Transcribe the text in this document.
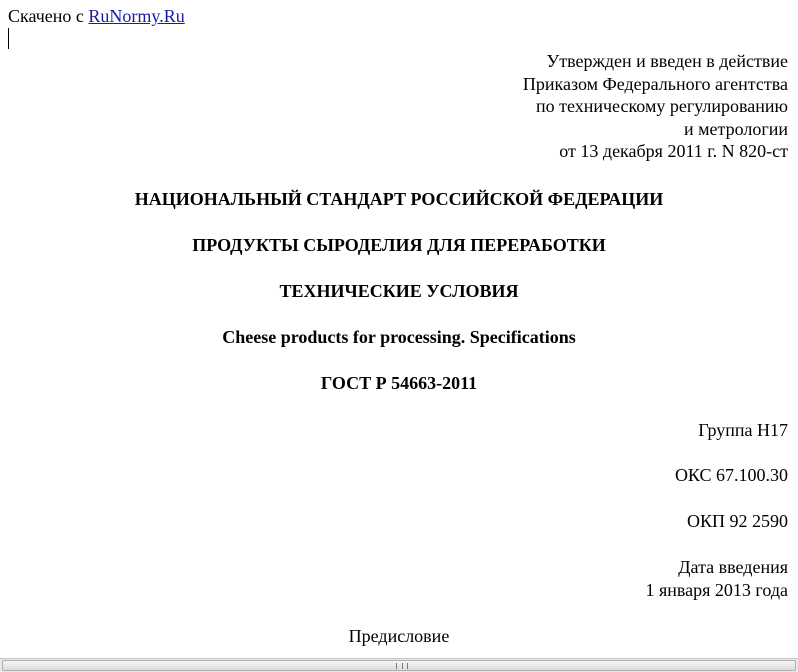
Скачено с RuNormy.Ru
Утвержден и введен в действие
Приказом Федерального агентства
по техническому регулированию
и метрологии
от 13 декабря 2011 г. N 820-ст
НАЦИОНАЛЬНЫЙ СТАНДАРТ РОССИЙСКОЙ ФЕДЕРАЦИИ
ПРОДУКТЫ СЫРОДЕЛИЯ ДЛЯ ПЕРЕРАБОТКИ
ТЕХНИЧЕСКИЕ УСЛОВИЯ
Cheese products for processing. Specifications
ГОСТ Р 54663-2011
Группа Н17
ОКС 67.100.30
ОКП 92 2590
Дата введения
1 января 2013 года
Предисловие
